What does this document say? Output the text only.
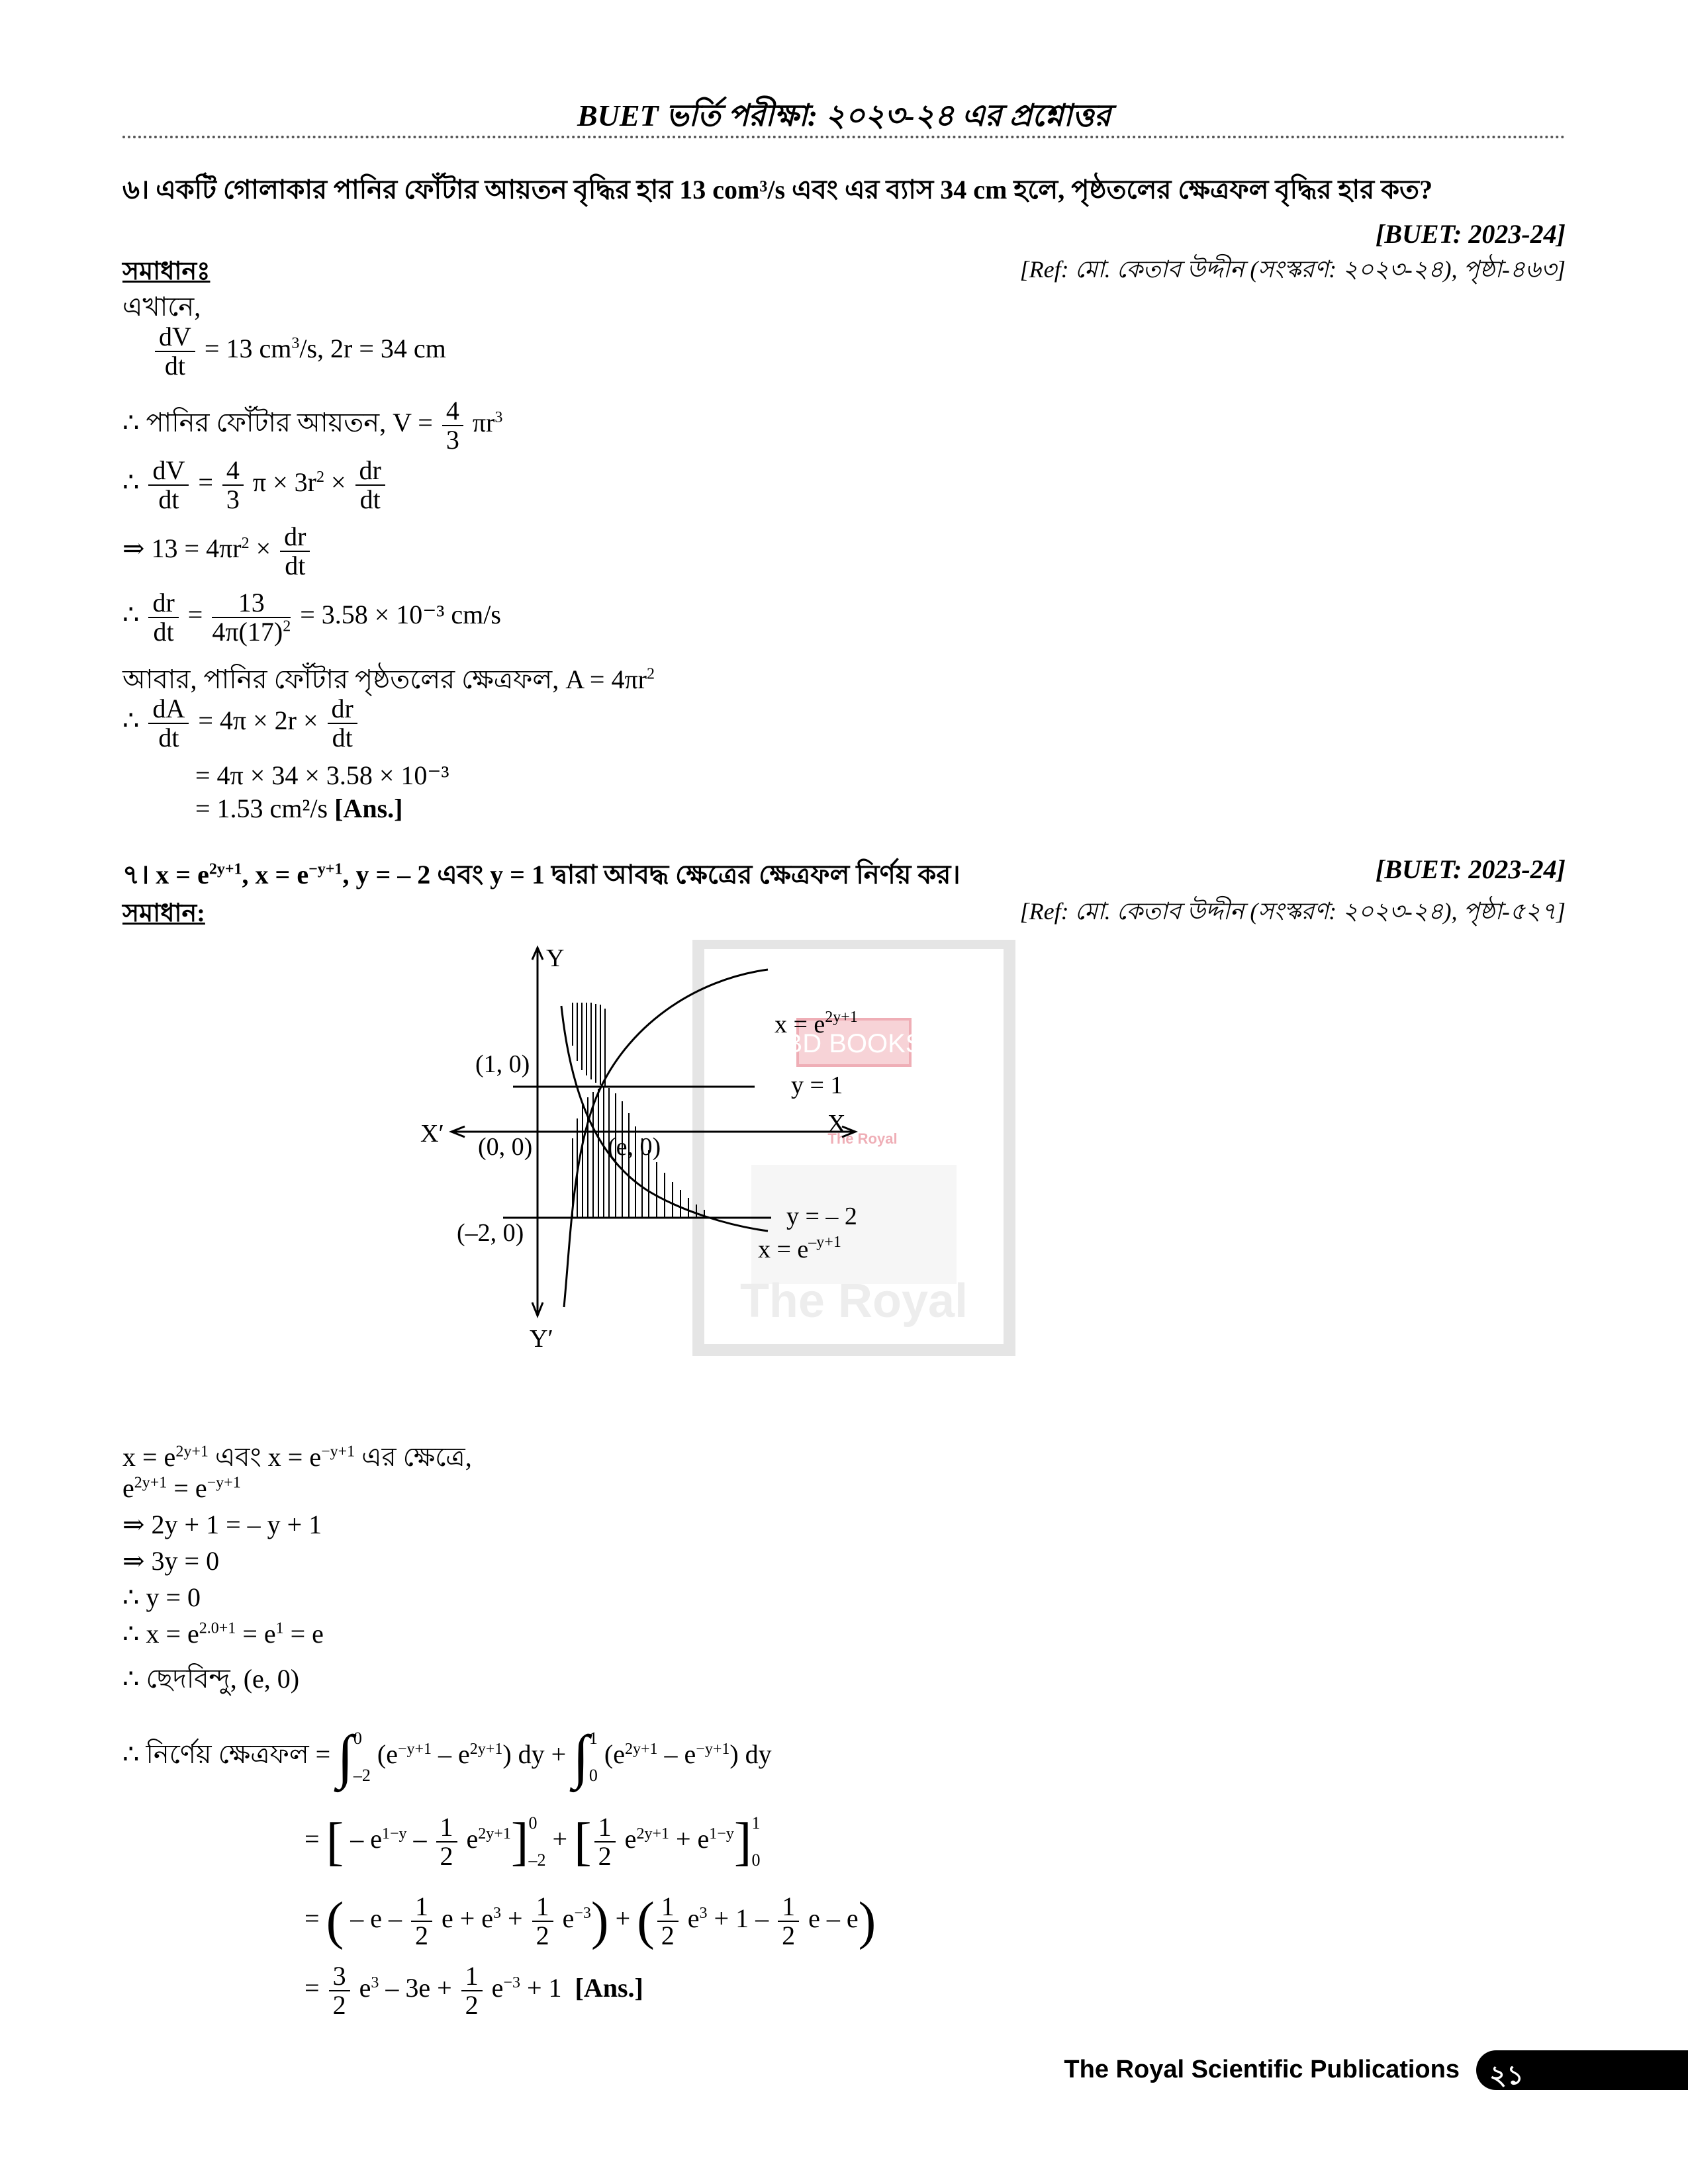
BUET ভর্তি পরীক্ষা: ২০২৩-২৪ এর প্রশ্নোত্তর
৬। একটি গোলাকার পানির ফোঁটার আয়তন বৃদ্ধির হার 13 com³/s এবং এর ব্যাস 34 cm হলে, পৃষ্ঠতলের ক্ষেত্রফল বৃদ্ধির হার কত?
[BUET: 2023-24]
সমাধানঃ	[Ref: মো. কেতাব উদ্দীন (সংস্করণ: ২০২৩-২৪), পৃষ্ঠা-৪৬৩]
এখানে,
$\frac{dV}{dt} = 13$ $cm^3/s$, 2r = 34 cm
∴ পানির ফোঁটার আয়তন, $V = \frac{4}{3} \pi r^3$
∴ $\frac{dV}{dt} = \frac{4}{3}$ $\pi \times 3r^2 \times \frac{dr}{dt}$
⇒ $13 = 4\pi r^2 \times \frac{dr}{dt}$
∴ $\frac{dr}{dt} = \frac{13}{4\pi(17)^2} = 3.58 \times 10^{-3}$ cm/s
আবার, পানির ফোঁটার পৃষ্ঠতলের ক্ষেত্রফল, $A = 4\pi r^2$
∴ $\frac{dA}{dt} = 4\pi \times 2r \times \frac{dr}{dt}$
= 4π × 34 × 3.58 × 10⁻³
= 1.53 cm²/s [Ans.]
৭। $x = e^{2y+1}$, $x = e^{-y+1}$, y = – 2 এবং y = 1 দ্বারা আবদ্ধ ক্ষেত্রের ক্ষেত্রফল নির্ণয় কর।	[BUET: 2023-24]
সমাধান:	[Ref: মো. কেতাব উদ্দীন (সংস্করণ: ২০২৩-২৪), পৃষ্ঠা-৫২৭]
BD BOOKS
The Royal
The Royal
Y
Y′
X′	X
(1, 0)
(0, 0)	(e, 0)
(–2, 0)
y = 1
y = – 2
$x = e^{2y+1}$
$x = e^{-y+1}$
$x = e^{2y+1}$ এবং $x = e^{-y+1}$ এর ক্ষেত্রে,
$e^{2y+1} = e^{-y+1}$
⇒ 2y + 1 = – y + 1
⇒ 3y = 0
∴ y = 0
∴ $x = e^{2.0+1} = e^1 = e$
∴ ছেদবিন্দু, (e, 0)
∴ নির্ণেয় ক্ষেত্রফল = ∫ 0
–2
$(e^{-y+1} - e^{2y+1})$ dy + ∫ 1
0
$(e^{2y+1} - e^{-y+1})$ dy
= [ – $e^{1-y} - \frac{1}{2} e^{2y+1}$] 0
–2
+ [ $\frac{1}{2} e^{2y+1} + e^{1-y}$] 1
0
= ( – e – $\frac{1}{2}$ $e + e^3 + \frac{1}{2} e^{-3}$) + ( $\frac{1}{2} e^3 + 1 - \frac{1}{2}$ e – e)
= $\frac{3}{2} e^3 - 3e + \frac{1}{2} e^{-3} + 1$  [Ans.]
The Royal Scientific Publications ২১
